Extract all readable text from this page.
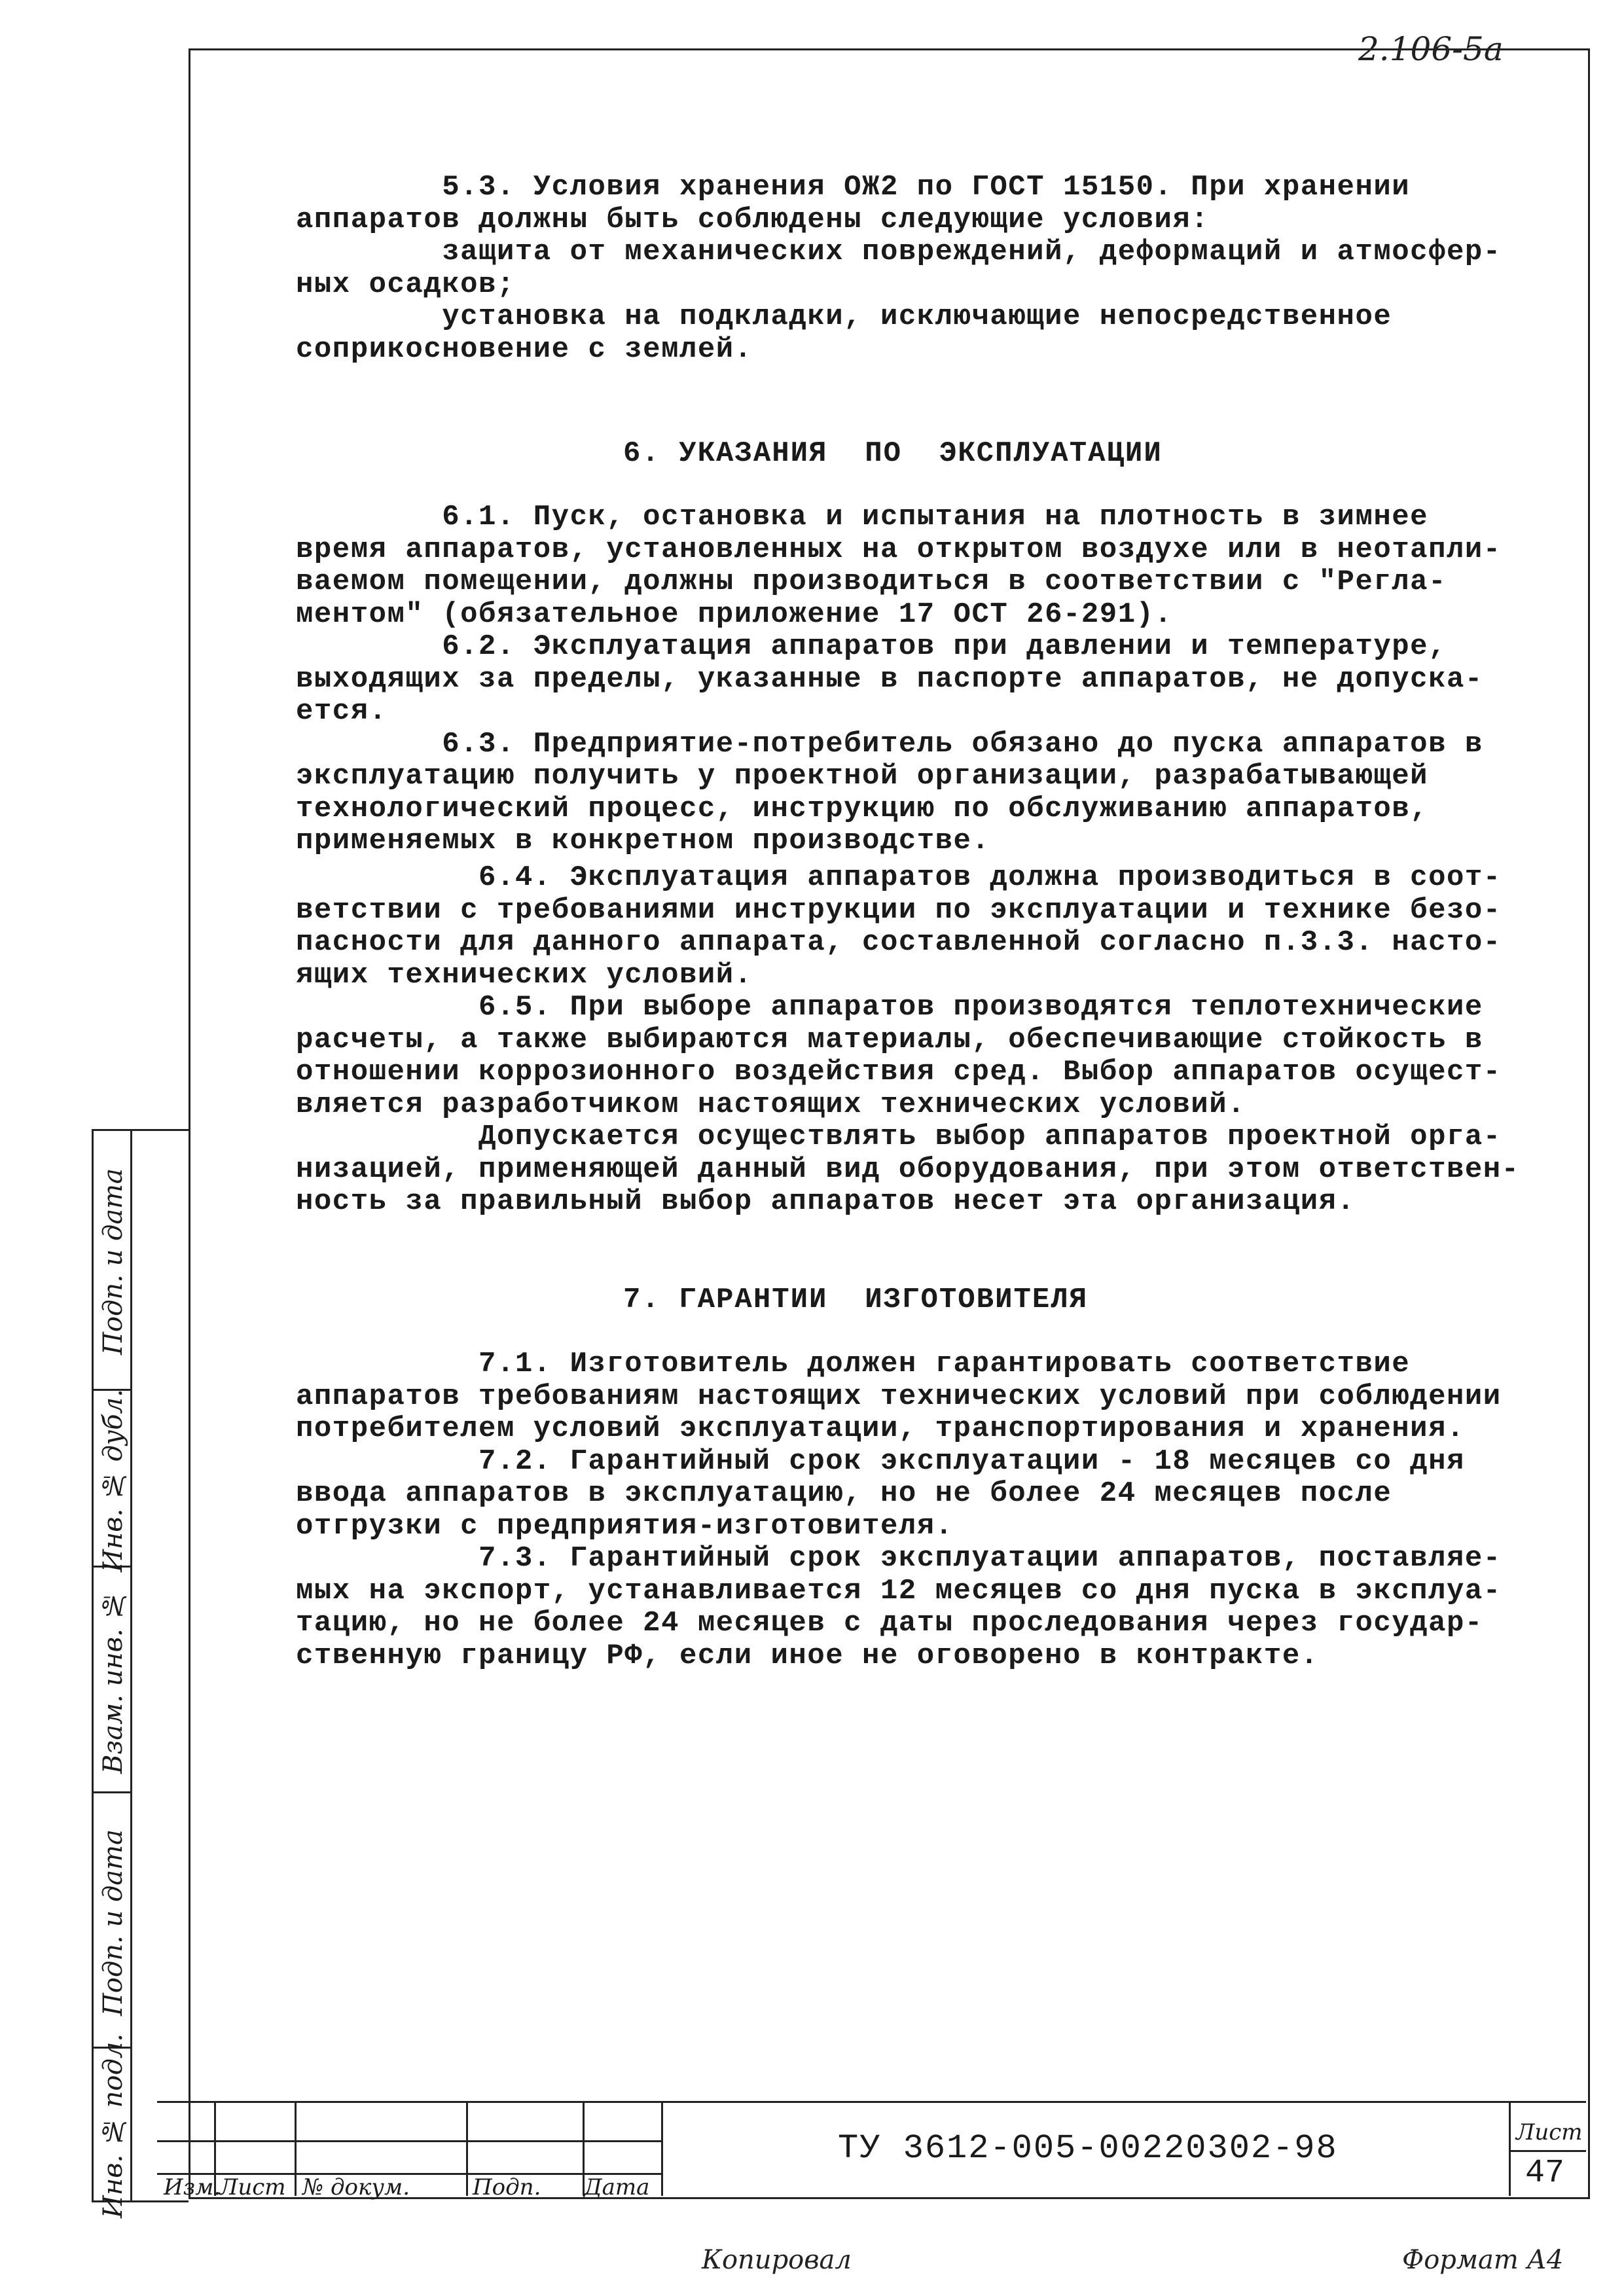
2.106-5а
5.3. Условия хранения ОЖ2 по ГОСТ 15150. При хранении
аппаратов должны быть соблюдены следующие условия:
защита от механических повреждений, деформаций и атмосфер-
ных осадков;
установка на подкладки, исключающие непосредственное
соприкосновение с землей.
6. УКАЗАНИЯ  ПО  ЭКСПЛУАТАЦИИ
6.1. Пуск, остановка и испытания на плотность в зимнее
время аппаратов, установленных на открытом воздухе или в неотапли-
ваемом помещении, должны производиться в соответствии с "Регла-
ментом" (обязательное приложение 17 ОСТ 26-291).
6.2. Эксплуатация аппаратов при давлении и температуре,
выходящих за пределы, указанные в паспорте аппаратов, не допуска-
ется.
6.3. Предприятие-потребитель обязано до пуска аппаратов в
эксплуатацию получить у проектной организации, разрабатывающей
технологический процесс, инструкцию по обслуживанию аппаратов,
применяемых в конкретном производстве.
6.4. Эксплуатация аппаратов должна производиться в соот-
ветствии с требованиями инструкции по эксплуатации и технике безо-
пасности для данного аппарата, составленной согласно п.3.3. насто-
ящих технических условий.
6.5. При выборе аппаратов производятся теплотехнические
расчеты, а также выбираются материалы, обеспечивающие стойкость в
отношении коррозионного воздействия сред. Выбор аппаратов осущест-
вляется разработчиком настоящих технических условий.
Допускается осуществлять выбор аппаратов проектной орга-
низацией, применяющей данный вид оборудования, при этом ответствен-
ность за правильный выбор аппаратов несет эта организация.
7. ГАРАНТИИ  ИЗГОТОВИТЕЛЯ
7.1. Изготовитель должен гарантировать соответствие
аппаратов требованиям настоящих технических условий при соблюдении
потребителем условий эксплуатации, транспортирования и хранения.
7.2. Гарантийный срок эксплуатации - 18 месяцев со дня
ввода аппаратов в эксплуатацию, но не более 24 месяцев после
отгрузки с предприятия-изготовителя.
7.3. Гарантийный срок эксплуатации аппаратов, поставляе-
мых на экспорт, устанавливается 12 месяцев со дня пуска в эксплуа-
тацию, но не более 24 месяцев с даты проследования через государ-
ственную границу РФ, если иное не оговорено в контракте.
Подп. и дата
Инв. № дубл.
Взам. инв. №
Подп. и дата
Инв. № подл. Изм.
Лист № докум.	Подп. Дата
ТУ 3612-005-00220302-98	Лист
47
Копировал	Формат А4
